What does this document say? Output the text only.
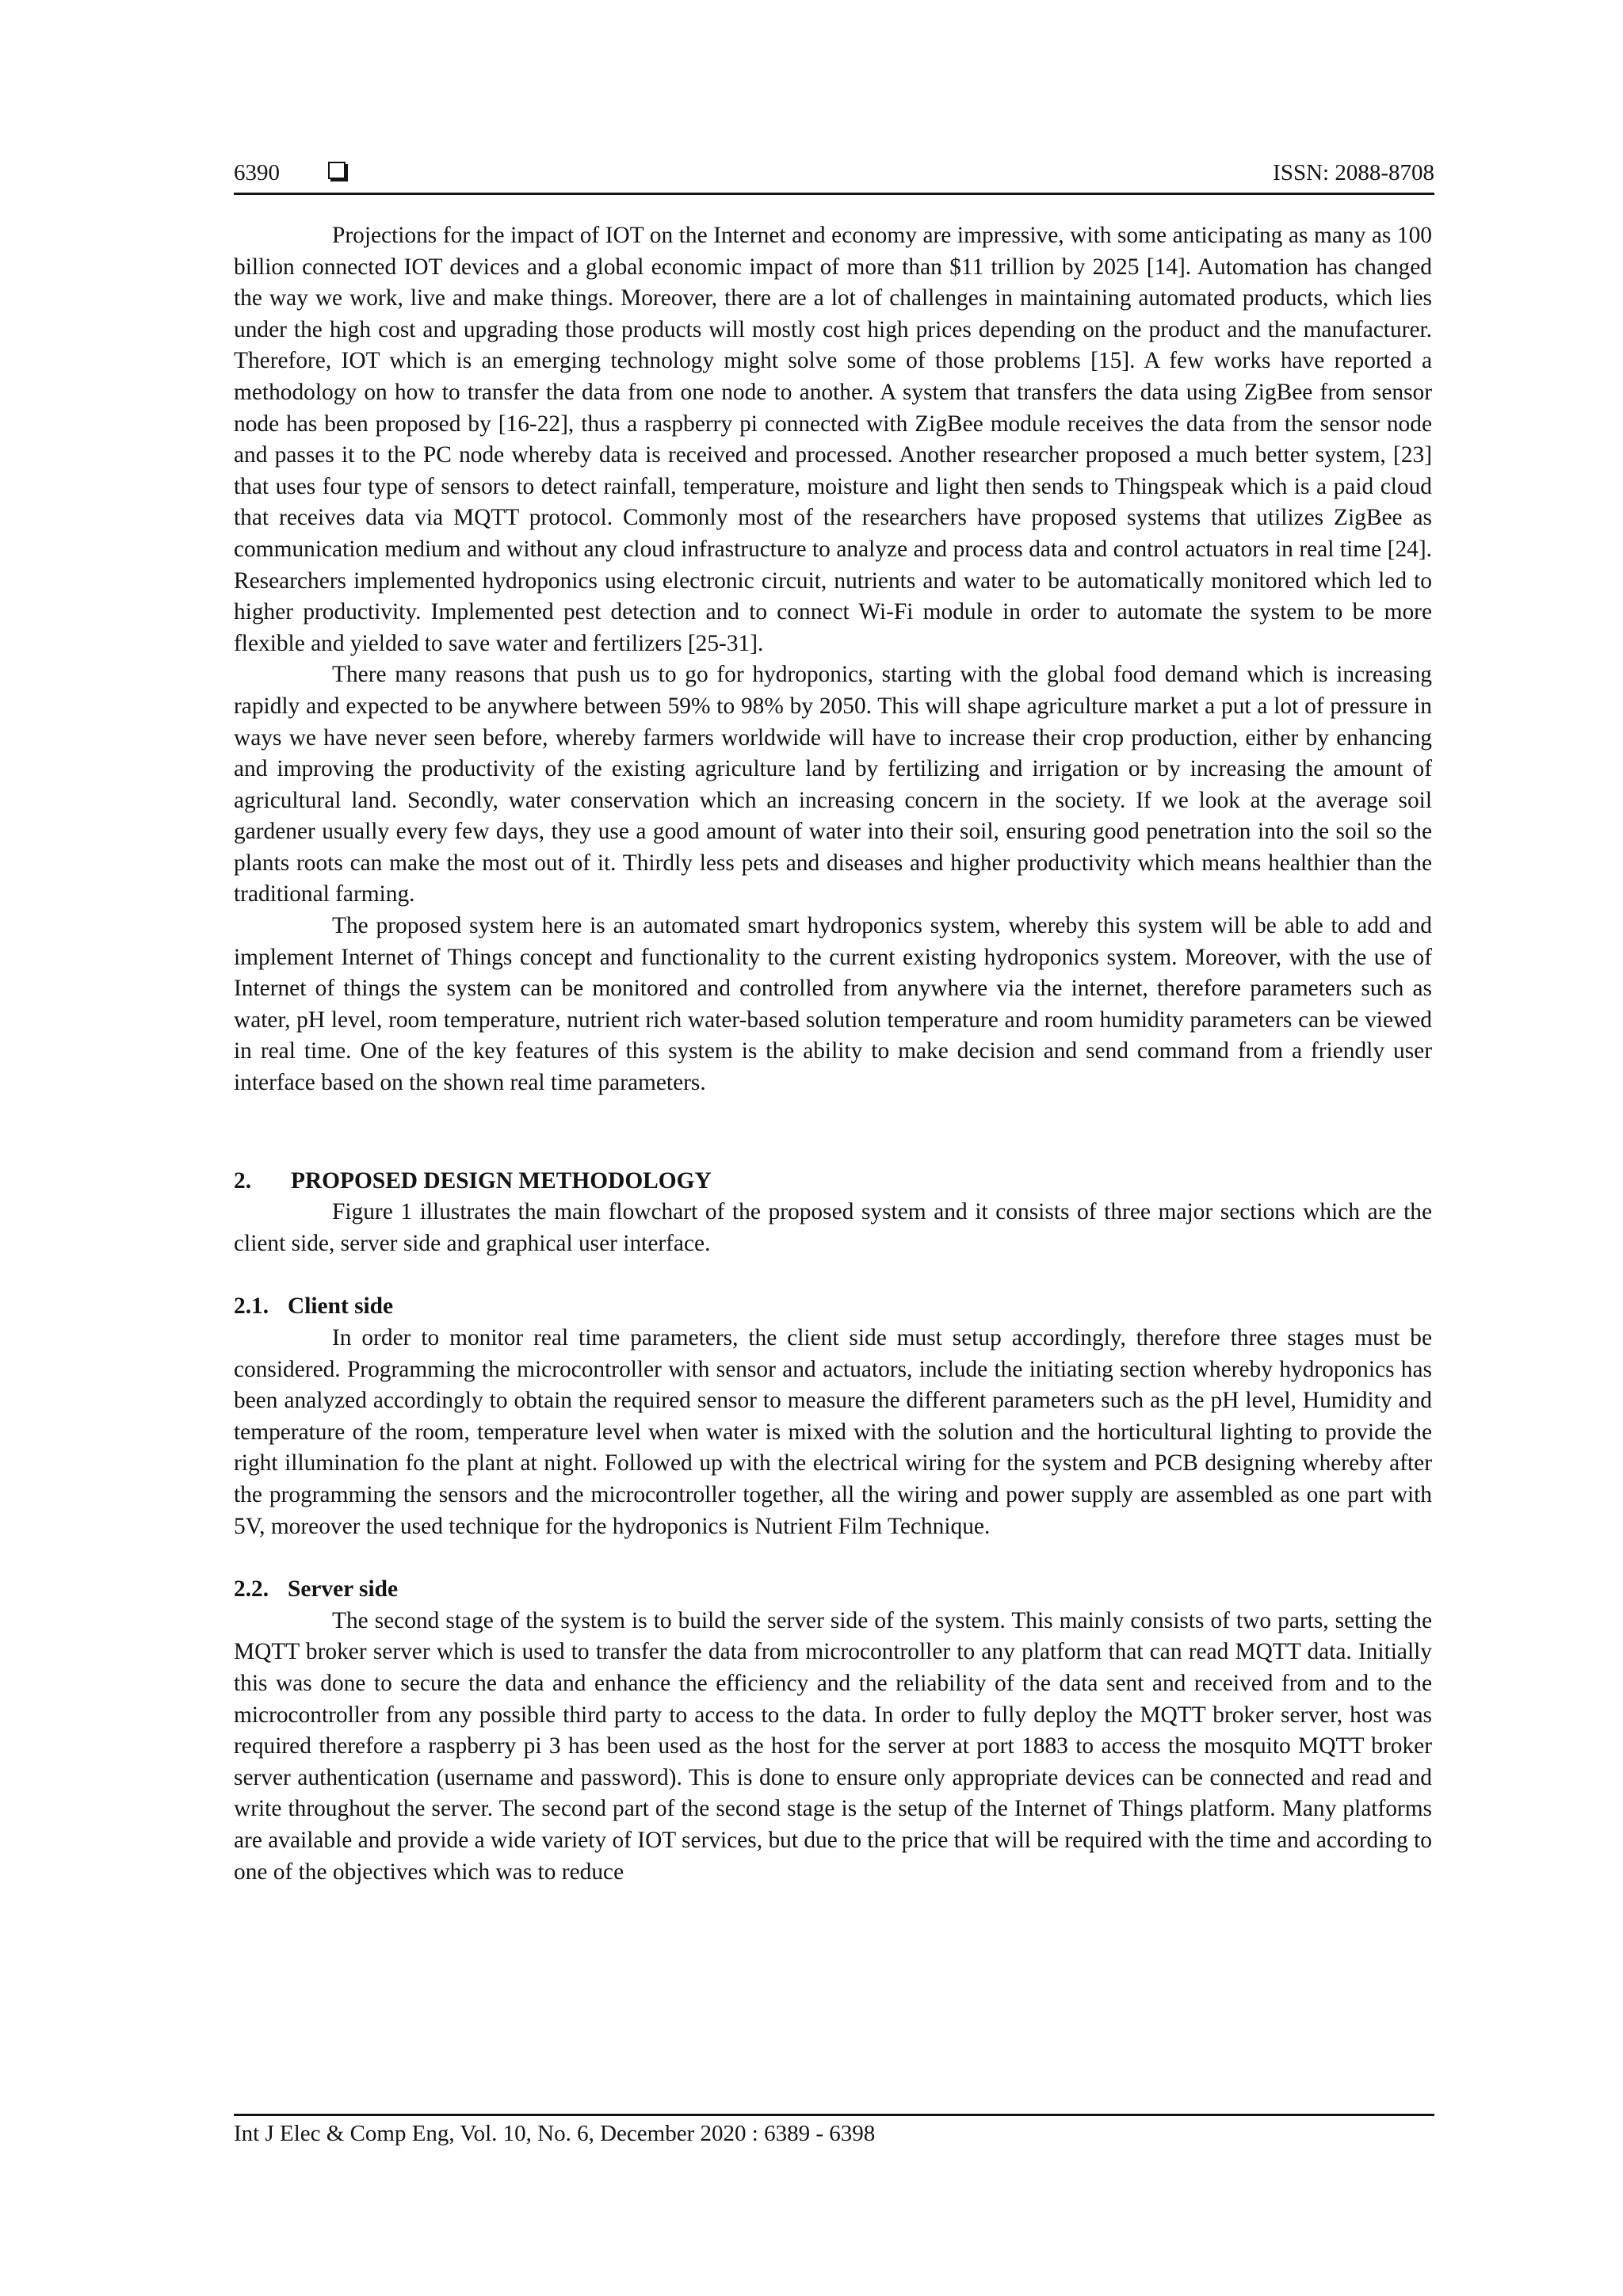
6390	ISSN: 2088-8708

Projections for the impact of IOT on the Internet and economy are impressive, with some anticipating as many as 100 billion connected IOT devices and a global economic impact of more than $11 trillion by 2025 [14]. Automation has changed the way we work, live and make things. Moreover, there are a lot of challenges in maintaining automated products, which lies under the high cost and upgrading those products will mostly cost high prices depending on the product and the manufacturer. Therefore, IOT which is an emerging technology might solve some of those problems [15]. A few works have reported a methodology on how to transfer the data from one node to another. A system that transfers the data using ZigBee from sensor node has been proposed by [16-22], thus a raspberry pi connected with ZigBee module receives the data from the sensor node and passes it to the PC node whereby data is received and processed. Another researcher proposed a much better system, [23] that uses four type of sensors to detect rainfall, temperature, moisture and light then sends to Thingspeak which is a paid cloud that receives data via MQTT protocol. Commonly most of the researchers have proposed systems that utilizes ZigBee as communication medium and without any cloud infrastructure to analyze and process data and control actuators in real time [24]. Researchers implemented hydroponics using electronic circuit, nutrients and water to be automatically monitored which led to higher productivity. Implemented pest detection and to connect Wi-Fi module in order to automate the system to be more flexible and yielded to save water and fertilizers [25-31].

There many reasons that push us to go for hydroponics, starting with the global food demand which is increasing rapidly and expected to be anywhere between 59% to 98% by 2050. This will shape agriculture market a put a lot of pressure in ways we have never seen before, whereby farmers worldwide will have to increase their crop production, either by enhancing and improving the productivity of the existing agriculture land by fertilizing and irrigation or by increasing the amount of agricultural land. Secondly, water conservation which an increasing concern in the society. If we look at the average soil gardener usually every few days, they use a good amount of water into their soil, ensuring good penetration into the soil so the plants roots can make the most out of it. Thirdly less pets and diseases and higher productivity which means healthier than the traditional farming.

The proposed system here is an automated smart hydroponics system, whereby this system will be able to add and implement Internet of Things concept and functionality to the current existing hydroponics system. Moreover, with the use of Internet of things the system can be monitored and controlled from anywhere via the internet, therefore parameters such as water, pH level, room temperature, nutrient rich water-based solution temperature and room humidity parameters can be viewed in real time. One of the key features of this system is the ability to make decision and send command from a friendly user interface based on the shown real time parameters.

2. PROPOSED DESIGN METHODOLOGY

Figure 1 illustrates the main flowchart of the proposed system and it consists of three major sections which are the client side, server side and graphical user interface.

2.1. Client side

In order to monitor real time parameters, the client side must setup accordingly, therefore three stages must be considered. Programming the microcontroller with sensor and actuators, include the initiating section whereby hydroponics has been analyzed accordingly to obtain the required sensor to measure the different parameters such as the pH level, Humidity and temperature of the room, temperature level when water is mixed with the solution and the horticultural lighting to provide the right illumination fo the plant at night. Followed up with the electrical wiring for the system and PCB designing whereby after the programming the sensors and the microcontroller together, all the wiring and power supply are assembled as one part with 5V, moreover the used technique for the hydroponics is Nutrient Film Technique.

2.2. Server side

The second stage of the system is to build the server side of the system. This mainly consists of two parts, setting the MQTT broker server which is used to transfer the data from microcontroller to any platform that can read MQTT data. Initially this was done to secure the data and enhance the efficiency and the reliability of the data sent and received from and to the microcontroller from any possible third party to access to the data. In order to fully deploy the MQTT broker server, host was required therefore a raspberry pi 3 has been used as the host for the server at port 1883 to access the mosquito MQTT broker server authentication (username and password). This is done to ensure only appropriate devices can be connected and read and write throughout the server. The second part of the second stage is the setup of the Internet of Things platform. Many platforms are available and provide a wide variety of IOT services, but due to the price that will be required with the time and according to one of the objectives which was to reduce

Int J Elec & Comp Eng, Vol. 10, No. 6, December 2020 : 6389 - 6398
